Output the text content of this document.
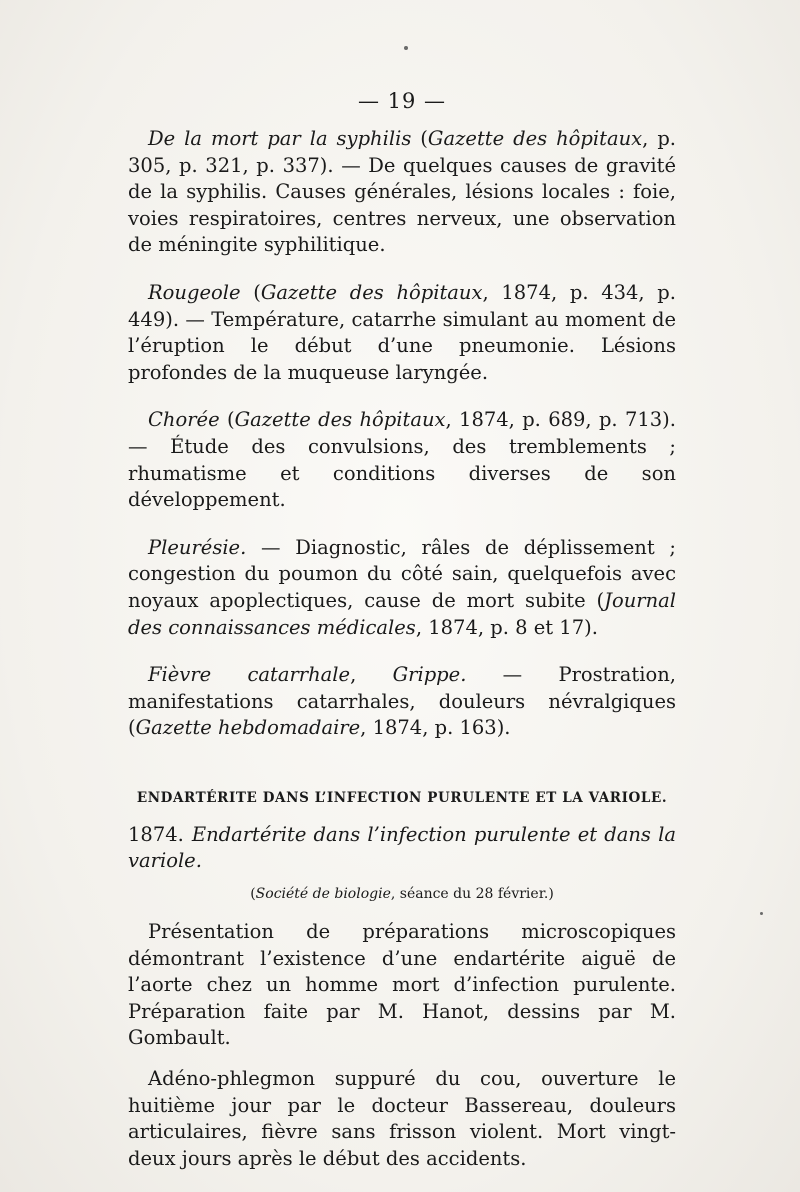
— 19 —

De la mort par la syphilis (Gazette des hôpitaux, p. 305, p. 321, p. 337). — De quelques causes de gravité de la syphilis. Causes générales, lésions locales : foie, voies respiratoires, centres nerveux, une observation de méningite syphilitique.

Rougeole (Gazette des hôpitaux, 1874, p. 434, p. 449). — Température, catarrhe simulant au moment de l’éruption le début d’une pneumonie. Lésions profondes de la muqueuse laryngée.

Chorée (Gazette des hôpitaux, 1874, p. 689, p. 713). — Étude des convulsions, des tremblements ; rhumatisme et conditions diverses de son développement.

Pleurésie. — Diagnostic, râles de déplissement ; congestion du poumon du côté sain, quelquefois avec noyaux apoplectiques, cause de mort subite (Journal des connaissances médicales, 1874, p. 8 et 17).

Fièvre catarrhale, Grippe. — Prostration, manifestations catarrhales, douleurs névralgiques (Gazette hebdomadaire, 1874, p. 163).

ENDARTÉRITE DANS L’INFECTION PURULENTE ET LA VARIOLE.

1874. Endartérite dans l’infection purulente et dans la variole.

(Société de biologie, séance du 28 février.)

Présentation de préparations microscopiques démontrant l’existence d’une endartérite aiguë de l’aorte chez un homme mort d’infection purulente. Préparation faite par M. Hanot, dessins par M. Gombault.

Adéno-phlegmon suppuré du cou, ouverture le huitième jour par le docteur Bassereau, douleurs articulaires, fièvre sans frisson violent. Mort vingt-deux jours après le début des accidents.
